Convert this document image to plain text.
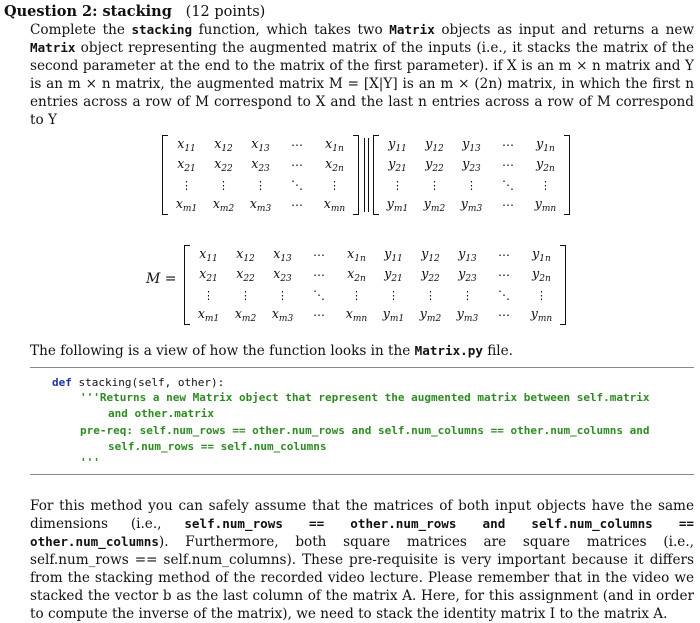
Question 2: stacking (12 points)
Complete the stacking function, which takes two Matrix objects as input and returns a new Matrix object representing the augmented matrix of the inputs (i.e., it stacks the matrix of the second parameter at the end to the matrix of the first parameter). if X is an m × n matrix and Y is an m × n matrix, the augmented matrix M = [X|Y] is an m × (2n) matrix, in which the first n entries across a row of M correspond to X and the last n entries across a row of M correspond to Y
$x_{11}$	$x_{12}$	$x_{13}$	⋯	$x_{1n}$
$x_{21}$	$x_{22}$	$x_{23}$	⋯	$x_{2n}$
⋮	⋮	⋮	⋱	⋮
$x_{m1}$	$x_{m2}$	$x_{m3}$	⋯	$x_{mn}$
$y_{11}$	$y_{12}$	$y_{13}$	⋯	$y_{1n}$
$y_{21}$	$y_{22}$	$y_{23}$	⋯	$y_{2n}$
⋮	⋮	⋮	⋱	⋮
$y_{m1}$	$y_{m2}$	$y_{m3}$	⋯	$y_{mn}$
M =
$x_{11}$	$x_{12}$	$x_{13}$	⋯	$x_{1n}$	$y_{11}$	$y_{12}$	$y_{13}$	⋯	$y_{1n}$
$x_{21}$	$x_{22}$	$x_{23}$	⋯	$x_{2n}$	$y_{21}$	$y_{22}$	$y_{23}$	⋯	$y_{2n}$
⋮	⋮	⋮	⋱	⋮	⋮	⋮	⋮	⋱	⋮
$x_{m1}$	$x_{m2}$	$x_{m3}$	⋯	$x_{mn}$	$y_{m1}$	$y_{m2}$	$y_{m3}$	⋯	$y_{mn}$
The following is a view of how the function looks in the Matrix.py file.
def stacking(self, other):
'''Returns a new Matrix object that represent the augmented matrix between self.matrix
and other.matrix
pre-req: self.num_rows == other.num_rows and self.num_columns == other.num_columns and
self.num_rows == self.num_columns
'''
For this method you can safely assume that the matrices of both input objects have the same dimensions (i.e., self.num_rows == other.num_rows and self.num_columns == other.num_columns). Furthermore, both square matrices are square matrices (i.e., self.num_rows == self.num_columns). These pre-requisite is very important because it differs from the stacking method of the recorded video lecture. Please remember that in the video we stacked the vector b as the last column of the matrix A. Here, for this assignment (and in order to compute the inverse of the matrix), we need to stack the identity matrix I to the matrix A.
